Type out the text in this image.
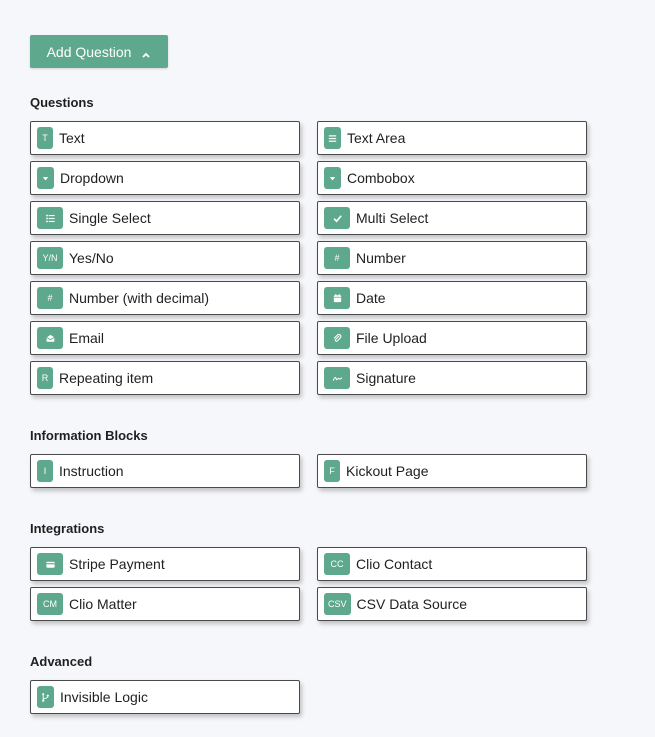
Add Question
Questions
T Text	Text Area
Dropdown	Combobox
Single Select	Multi Select
Y/N Yes/No	#	Number
#	Number (with decimal)	Date
Email	File Upload
R Repeating item	Signature
Information Blocks
I Instruction	F Kickout Page
Integrations
Stripe Payment	CC Clio Contact
CM Clio Matter	CSV CSV Data Source
Advanced
Invisible Logic
